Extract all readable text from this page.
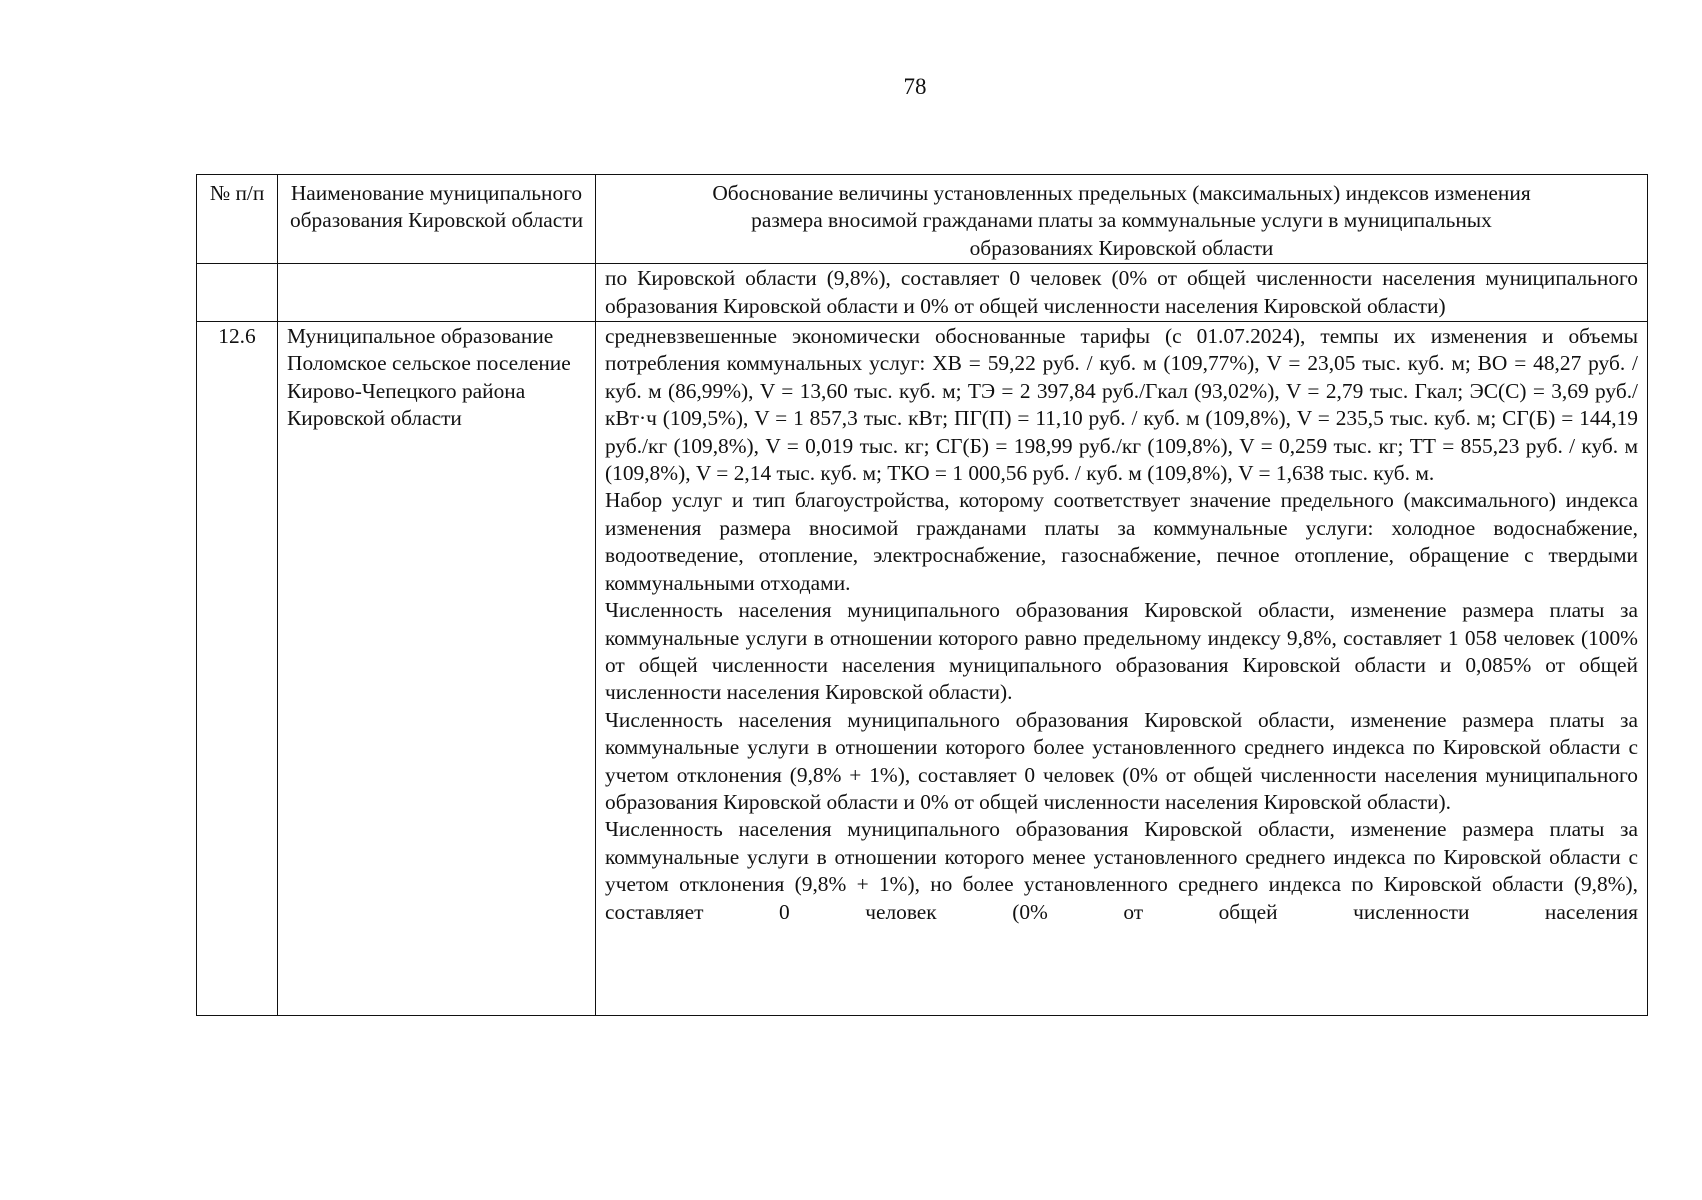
78
№ п/п	Наименование муниципального образования Кировской области	Обоснование величины установленных предельных (максимальных) индексов изменения размера вносимой гражданами платы за коммунальные услуги в муниципальных образованиях Кировской области

		по Кировской области (9,8%), составляет 0 человек (0% от общей численности населения муниципального образования Кировской области и 0% от общей численности населения Кировской области)

12.6	Муниципальное образование Поломское сельское поселение Кирово-Чепецкого района Кировской области	средневзвешенные экономически обоснованные тарифы (с 01.07.2024), темпы их изменения и объемы потребления коммунальных услуг: ХВ = 59,22 руб. / куб. м (109,77%), V = 23,05 тыс. куб. м; ВО = 48,27 руб. / куб. м (86,99%), V = 13,60 тыс. куб. м; ТЭ = 2 397,84 руб./Гкал (93,02%), V = 2,79 тыс. Гкал; ЭС(С) = 3,69 руб./кВт·ч (109,5%), V = 1 857,3 тыс. кВт; ПГ(П) = 11,10 руб. / куб. м (109,8%), V = 235,5 тыс. куб. м; СГ(Б) = 144,19 руб./кг (109,8%), V = 0,019 тыс. кг; СГ(Б) = 198,99 руб./кг (109,8%), V = 0,259 тыс. кг; ТТ = 855,23 руб. / куб. м (109,8%), V = 2,14 тыс. куб. м; ТКО = 1 000,56 руб. / куб. м (109,8%), V = 1,638 тыс. куб. м.
Набор услуг и тип благоустройства, которому соответствует значение предельного (максимального) индекса изменения размера вносимой гражданами платы за коммунальные услуги: холодное водоснабжение, водоотведение, отопление, электроснабжение, газоснабжение, печное отопление, обращение с твердыми коммунальными отходами.
Численность населения муниципального образования Кировской области, изменение размера платы за коммунальные услуги в отношении которого равно предельному индексу 9,8%, составляет 1 058 человек (100% от общей численности населения муниципального образования Кировской области и 0,085% от общей численности населения Кировской области).
Численность населения муниципального образования Кировской области, изменение размера платы за коммунальные услуги в отношении которого более установленного среднего индекса по Кировской области с учетом отклонения (9,8% + 1%), составляет 0 человек (0% от общей численности населения муниципального образования Кировской области и 0% от общей численности населения Кировской области).
Численность населения муниципального образования Кировской области, изменение размера платы за коммунальные услуги в отношении которого менее установленного среднего индекса по Кировской области с учетом отклонения (9,8% + 1%), но более установленного среднего индекса по Кировской области (9,8%), составляет 0 человек (0% от общей численности населения
